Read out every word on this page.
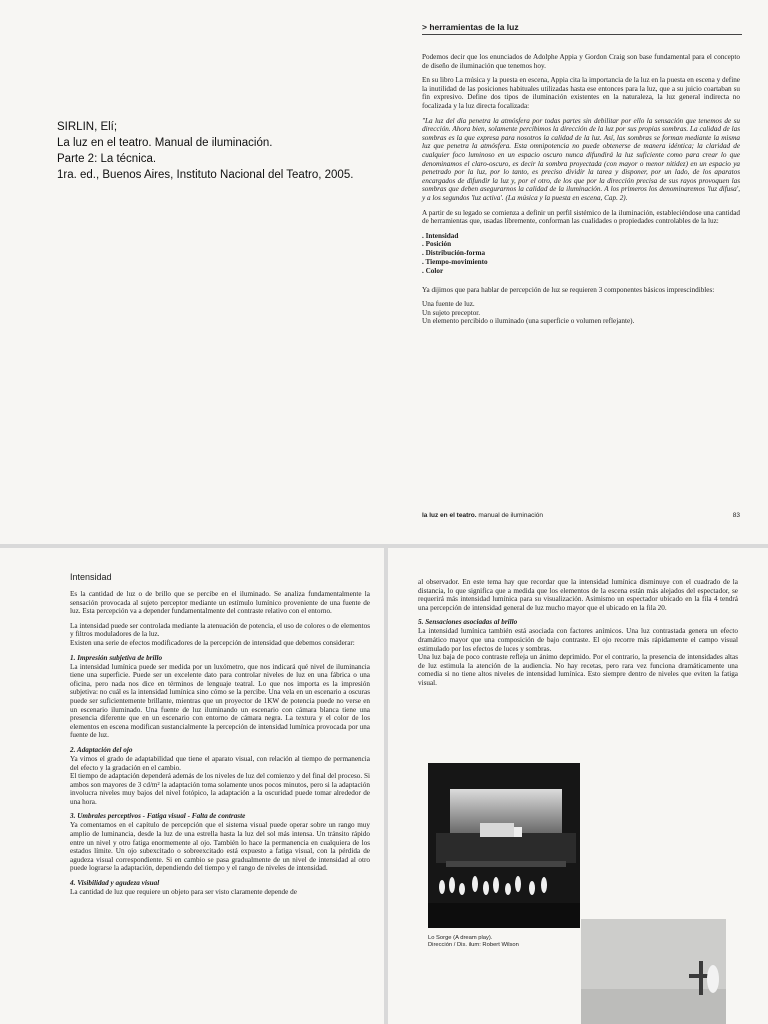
SIRLIN, Elí;
La luz en el teatro. Manual de iluminación.
Parte 2: La técnica.
1ra. ed., Buenos Aires, Instituto Nacional del Teatro, 2005.
> herramientas de la luz

Podemos decir que los enunciados de Adolphe Appia y Gordon Craig son base fundamental para el concepto de diseño de iluminación que tenemos hoy.

En su libro La música y la puesta en escena, Appia cita la importancia de la luz en la puesta en escena y define la inutilidad de las posiciones habituales utilizadas hasta ese entonces para la luz, que a su juicio coartaban su fin expresivo. Define dos tipos de iluminación existentes en la naturaleza, la luz general indirecta no focalizada y la luz directa focalizada:

"La luz del día penetra la atmósfera por todas partes sin debilitar por ello la sensación que tenemos de su dirección. Ahora bien, solamente percibimos la dirección de la luz por sus propias sombras. La calidad de las sombras es la que expresa para nosotros la calidad de la luz. Así, las sombras se forman mediante la misma luz que penetra la atmósfera. Esta omnipotencia no puede obtenerse de manera idéntica; la claridad de cualquier foco luminoso en un espacio oscuro nunca difundirá la luz suficiente como para crear lo que denominamos el claro-oscuro, es decir la sombra proyectada (con mayor o menor nitidez) en un espacio ya penetrado por la luz, por lo tanto, es preciso dividir la tarea y disponer, por un lado, de los aparatos encargados de difundir la luz y, por el otro, de los que por la dirección precisa de sus rayos provoquen las sombras que deben asegurarnos la calidad de la iluminación. A los primeros los denominaremos 'luz difusa', y a los segundos 'luz activa'. (La música y la puesta en escena, Cap. 2).

A partir de su legado se comienza a definir un perfil sistémico de la iluminación, estableciéndose una cantidad de herramientas que, usadas libremente, conforman las cualidades o propiedades controlables de la luz:

. Intensidad
. Posición
. Distribución-forma
. Tiempo-movimiento
. Color

Ya dijimos que para hablar de percepción de luz se requieren 3 componentes básicos imprescindibles:

Una fuente de luz.
Un sujeto preceptor.
Un elemento percibido o iluminado (una superficie o volumen reflejante).
la luz en el teatro. manual de iluminación	83
Intensidad

Es la cantidad de luz o de brillo que se percibe en el iluminado. Se analiza fundamentalmente la sensación provocada al sujeto perceptor mediante un estímulo lumínico proveniente de una fuente de luz. Esta percepción va a depender fundamentalmente del contraste relativo con el entorno.

La intensidad puede ser controlada mediante la atenuación de potencia, el uso de colores o de elementos y filtros moduladores de la luz.

Existen una serie de efectos modificadores de la percepción de intensidad que debemos considerar:

1. Impresión subjetiva de brillo

La intensidad lumínica puede ser medida por un luxómetro, que nos indicará qué nivel de iluminancia tiene una superficie. Puede ser un excelente dato para controlar niveles de luz en una fábrica o una oficina, pero nada nos dice en términos de lenguaje teatral. Lo que nos importa es la impresión subjetiva: no cuál es la intensidad lumínica sino cómo se la percibe. Una vela en un escenario a oscuras puede ser suficientemente brillante, mientras que un proyector de 1KW de potencia puede no verse en un escenario iluminado. Una fuente de luz iluminando un escenario con cámara blanca tiene una presencia diferente que en un escenario con entorno de cámara negra. La textura y el color de los elementos en escena modifican sustancialmente la percepción de intensidad lumínica provocada por una fuente de luz.

2. Adaptación del ojo

Ya vimos el grado de adaptabilidad que tiene el aparato visual, con relación al tiempo de permanencia del efecto y la gradación en el cambio.

El tiempo de adaptación dependerá además de los niveles de luz del comienzo y del final del proceso. Si ambos son mayores de 3 cd/m² la adaptación toma solamente unos pocos minutos, pero si la adaptación involucra niveles muy bajos del nivel fotópico, la adaptación a la oscuridad puede tomar alrededor de una hora.

3. Umbrales perceptivos - Fatiga visual - Falta de contraste

Ya comentamos en el capítulo de percepción que el sistema visual puede operar sobre un rango muy amplio de luminancia, desde la luz de una estrella hasta la luz del sol más intensa. Un tránsito rápido entre un nivel y otro fatiga enormemente al ojo. También lo hace la permanencia en cualquiera de los estados límite. Un ojo subexcitado o sobreexcitado está expuesto a fatiga visual, con la pérdida de agudeza visual correspondiente. Si en cambio se pasa gradualmente de un nivel de intensidad al otro puede lograrse la adaptación, dependiendo del tiempo y el rango de niveles de intensidad.

4. Visibilidad y agudeza visual

La cantidad de luz que requiere un objeto para ser visto claramente depende de

al observador. En este tema hay que recordar que la intensidad lumínica disminuye con el cuadrado de la distancia, lo que significa que a medida que los elementos de la escena están más alejados del espectador, se requerirá más intensidad lumínica para su visualización. Asimismo un espectador ubicado en la fila 4 tendrá una percepción de intensidad general de luz mucho mayor que el ubicado en la fila 20.

5. Sensaciones asociadas al brillo

La intensidad lumínica también está asociada con factores anímicos. Una luz contrastada genera un efecto dramático mayor que una composición de bajo contraste. El ojo recorre más rápidamente el campo visual estimulado por los efectos de luces y sombras.

Una luz baja de poco contraste refleja un ánimo deprimido. Por el contrario, la presencia de intensidades altas de luz estimula la atención de la audiencia. No hay recetas, pero rara vez funciona dramáticamente una comedia si no tiene altos niveles de intensidad lumínica. Esto siempre dentro de niveles que eviten la fatiga visual.

Lo Sorge (A dream play).
Dirección / Dis. ilum: Robert Wilson
